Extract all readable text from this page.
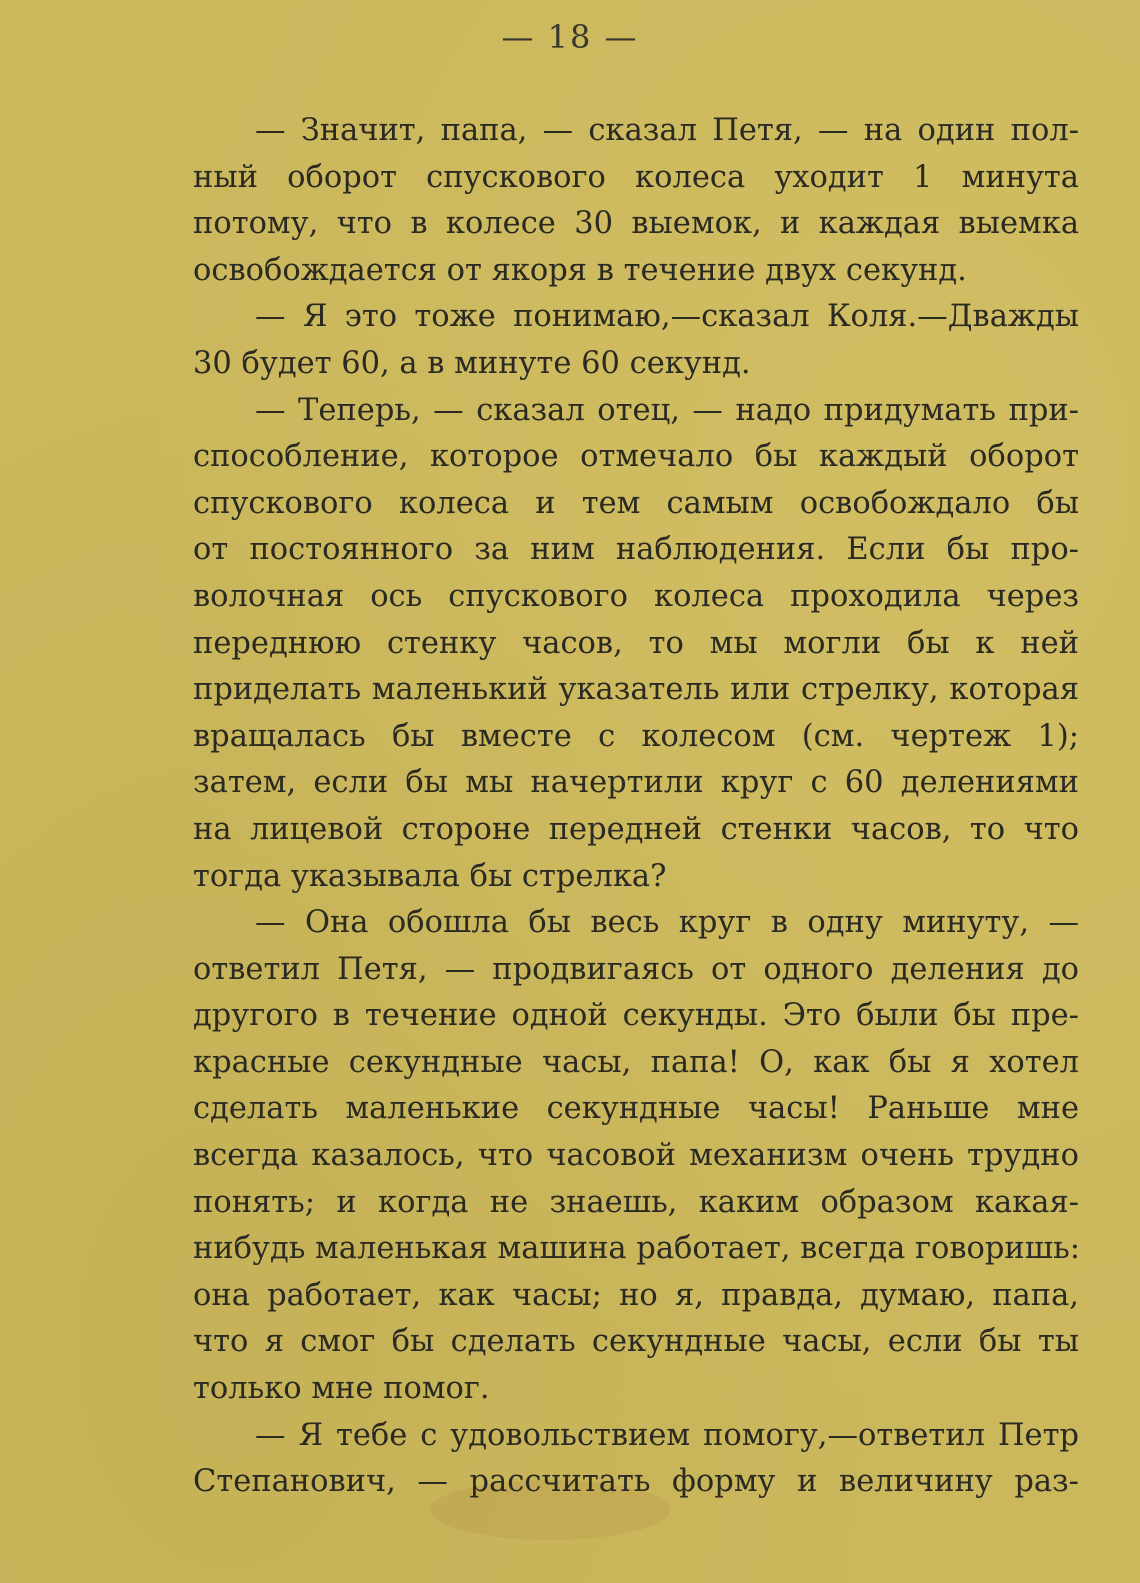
— 18 —
— Значит, папа, — сказал Петя, — на один пол-
ный оборот спускового колеса уходит 1 минута
потому, что в колесе 30 выемок, и каждая выемка
освобождается от якоря в течение двух секунд.
— Я это тоже понимаю,—сказал Коля.—Дважды
30 будет 60, а в минуте 60 секунд.
— Теперь, — сказал отец, — надо придумать при-
способление, которое отмечало бы каждый оборот
спускового колеса и тем самым освобождало бы
от постоянного за ним наблюдения. Если бы про-
волочная ось спускового колеса проходила через
переднюю стенку часов, то мы могли бы к ней
приделать маленький указатель или стрелку, которая
вращалась бы вместе с колесом (см. чертеж 1);
затем, если бы мы начертили круг с 60 делениями
на лицевой стороне передней стенки часов, то что
тогда указывала бы стрелка?
— Она обошла бы весь круг в одну минуту, —
ответил Петя, — продвигаясь от одного деления до
другого в течение одной секунды. Это были бы пре-
красные секундные часы, папа! О, как бы я хотел
сделать маленькие секундные часы! Раньше мне
всегда казалось, что часовой механизм очень трудно
понять; и когда не знаешь, каким образом какая-
нибудь маленькая машина работает, всегда говоришь:
она работает, как часы; но я, правда, думаю, папа,
что я смог бы сделать секундные часы, если бы ты
только мне помог.
— Я тебе с удовольствием помогу,—ответил Петр
Степанович, — рассчитать форму и величину раз-
